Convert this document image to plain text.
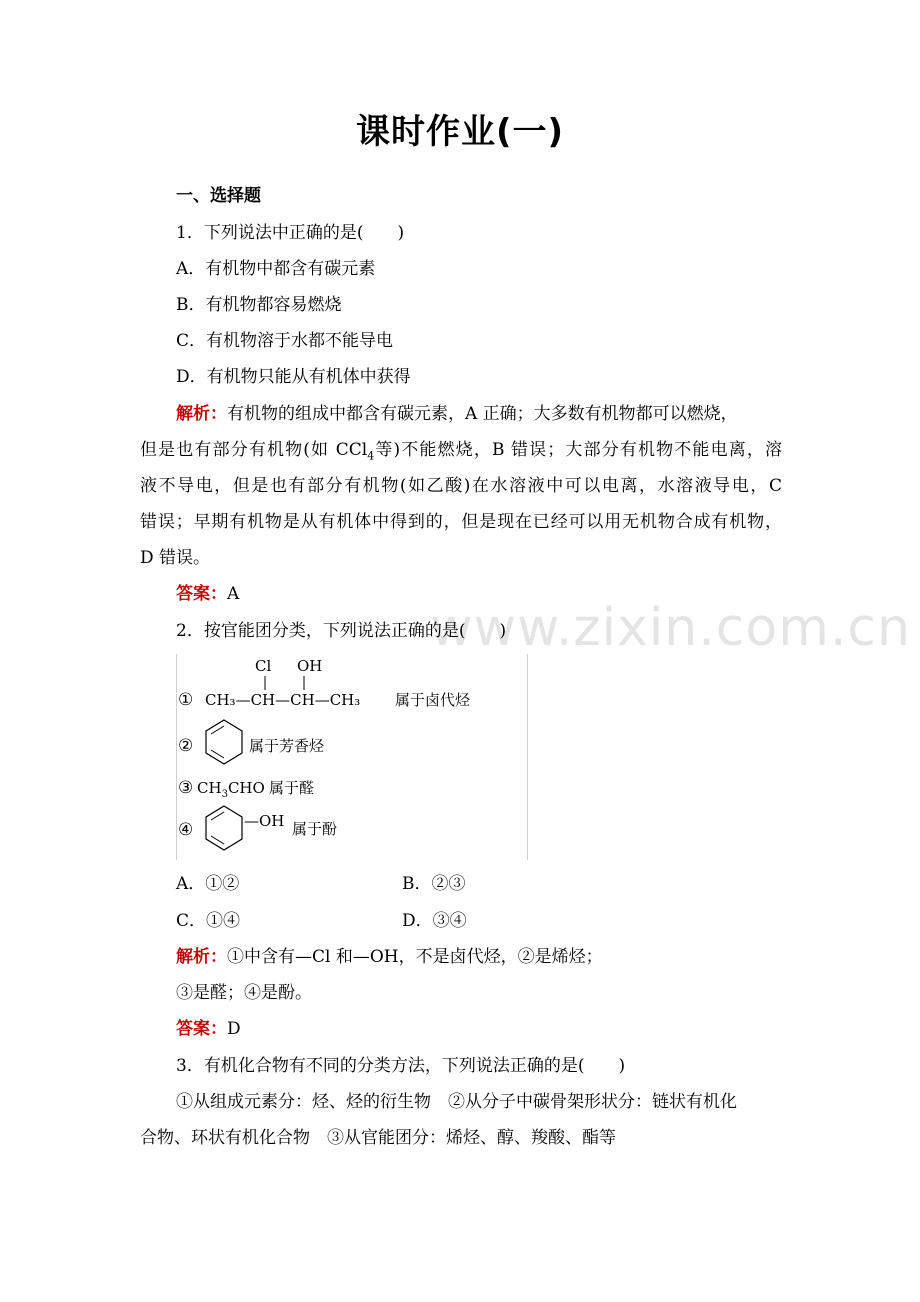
课时作业(一)
www.zixin.com.cn
一、选择题
1．下列说法中正确的是(　　)
A．有机物中都含有碳元素
B．有机物都容易燃烧
C．有机物溶于水都不能导电
D．有机物只能从有机体中获得
解析：有机物的组成中都含有碳元素，A 正确；大多数有机物都可以燃烧，
但是也有部分有机物(如 CCl$_4$等)不能燃烧，B 错误；大部分有机物不能电离，溶
液不导电，但是也有部分有机物(如乙酸)在水溶液中可以电离，水溶液导电，C
错误；早期有机物是从有机体中得到的，但是现在已经可以用无机物合成有机物，
D 错误。
答案：A
2．按官能团分类，下列说法正确的是(　　)
①
Cl OH
CH₃—CH—CH—CH₃ 属于卤代烃
②	属于芳香烃
③ $CH_3CHO$ 属于醛
④	—OH 属于酚
A．①②	B．②③
C．①④	D．③④
解析：①中含有—Cl 和—OH，不是卤代烃，②是烯烃；
③是醛；④是酚。
答案：D
3．有机化合物有不同的分类方法，下列说法正确的是(　　)
①从组成元素分：烃、烃的衍生物　②从分子中碳骨架形状分：链状有机化
合物、环状有机化合物　③从官能团分：烯烃、醇、羧酸、酯等
